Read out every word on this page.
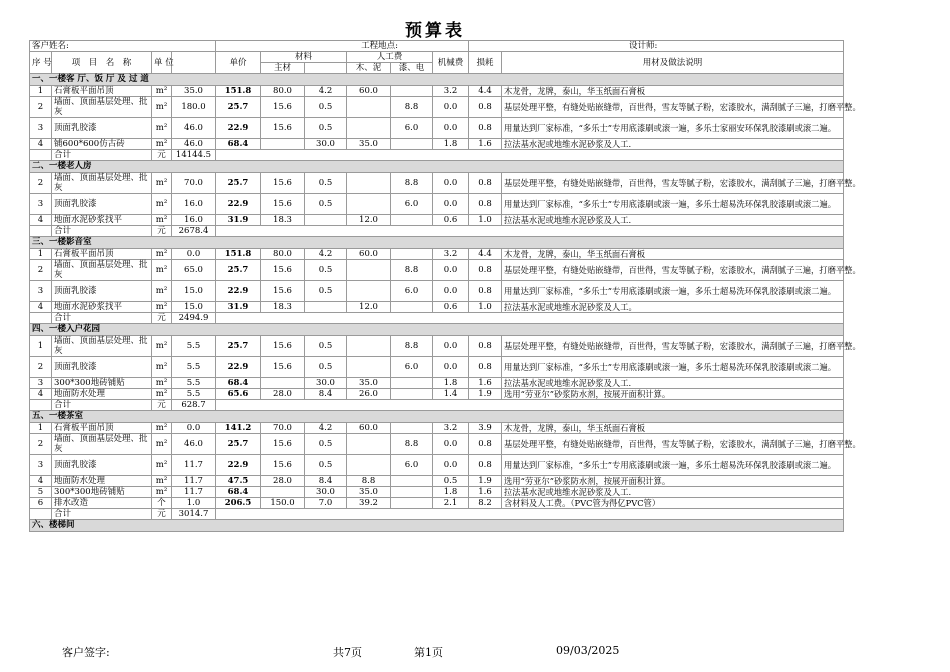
预算表
客户姓名:				工程地点:						设计师:	
序 号	项　目　名　称	单 位		单价	材料		人工费		机械费	损耗	用材及做法说明
					主材		木、泥	漆、电			
一、一楼客 厅、饭 厅 及 过 道											
1	石膏板平面吊顶	m²	35.0	151.8	80.0	4.2	60.0		3.2	4.4	木龙骨，龙牌，泰山，华玉纸面石膏板
2	墙面、顶面基层处理、批灰	m²	180.0	25.7	15.6	0.5		8.8	0.0	0.8	基层处理平整，有缝处贴嵌缝带，百世得，雪友等腻子粉，宏漆胶水，满刮腻子三遍，打磨平整。
3	顶面乳胶漆	m²	46.0	22.9	15.6	0.5		6.0	0.0	0.8	用量达到厂家标准，“多乐士”专用底漆刷或滚一遍，多乐士家丽安环保乳胶漆刷或滚二遍。
4	铺600*600仿古砖	m²	46.0	68.4		30.0	35.0		1.8	1.6	拉法基水泥或地维水泥砂浆及人工.
	合计	元	14144.5								
二、一楼老人房											
2	墙面、顶面基层处理、批灰	m²	70.0	25.7	15.6	0.5		8.8	0.0	0.8	基层处理平整，有缝处贴嵌缝带，百世得，雪友等腻子粉，宏漆胶水，满刮腻子三遍，打磨平整。
3	顶面乳胶漆	m²	16.0	22.9	15.6	0.5		6.0	0.0	0.8	用量达到厂家标准，“多乐士”专用底漆刷或滚一遍，多乐士超易洗环保乳胶漆刷或滚二遍。
4	地面水泥砂浆找平	m²	16.0	31.9	18.3		12.0		0.6	1.0	拉法基水泥或地维水泥砂浆及人工.
	合计	元	2678.4								
三、一楼影音室											
1	石膏板平面吊顶	m²	0.0	151.8	80.0	4.2	60.0		3.2	4.4	木龙骨，龙牌，泰山，华玉纸面石膏板
2	墙面、顶面基层处理、批灰	m²	65.0	25.7	15.6	0.5		8.8	0.0	0.8	基层处理平整，有缝处贴嵌缝带，百世得，雪友等腻子粉，宏漆胶水，满刮腻子三遍，打磨平整。
3	顶面乳胶漆	m²	15.0	22.9	15.6	0.5		6.0	0.0	0.8	用量达到厂家标准，“多乐士”专用底漆刷或滚一遍，多乐士超易洗环保乳胶漆刷或滚二遍。
4	地面水泥砂浆找平	m²	15.0	31.9	18.3		12.0		0.6	1.0	拉法基水泥或地维水泥砂浆及人工。
	合计	元	2494.9								
四、一楼入户花园											
1	墙面、顶面基层处理、批灰	m²	5.5	25.7	15.6	0.5		8.8	0.0	0.8	基层处理平整，有缝处贴嵌缝带，百世得，雪友等腻子粉，宏漆胶水，满刮腻子三遍，打磨平整。
2	顶面乳胶漆	m²	5.5	22.9	15.6	0.5		6.0	0.0	0.8	用量达到厂家标准，“多乐士”专用底漆刷或滚一遍，多乐士超易洗环保乳胶漆刷或滚二遍。
3	300*300地砖铺贴	m²	5.5	68.4		30.0	35.0		1.8	1.6	拉法基水泥或地维水泥砂浆及人工.
4	地面防水处理	m²	5.5	65.6	28.0	8.4	26.0		1.4	1.9	选用“劳亚尔”砂浆防水剂，按展开面积计算。
	合计	元	628.7								
五、一楼茶室											
1	石膏板平面吊顶	m²	0.0	141.2	70.0	4.2	60.0		3.2	3.9	木龙骨，龙牌，泰山，华玉纸面石膏板
2	墙面、顶面基层处理、批灰	m²	46.0	25.7	15.6	0.5		8.8	0.0	0.8	基层处理平整，有缝处贴嵌缝带，百世得，雪友等腻子粉，宏漆胶水，满刮腻子三遍，打磨平整。
3	顶面乳胶漆	m²	11.7	22.9	15.6	0.5		6.0	0.0	0.8	用量达到厂家标准，“多乐士”专用底漆刷或滚一遍，多乐士超易洗环保乳胶漆刷或滚二遍。
4	地面防水处理	m²	11.7	47.5	28.0	8.4	8.8		0.5	1.9	选用“劳亚尔”砂浆防水剂，按展开面积计算。
5	300*300地砖铺贴	m²	11.7	68.4		30.0	35.0		1.8	1.6	拉法基水泥或地维水泥砂浆及人工.
6	排水改造	个	1.0	206.5	150.0	7.0	39.2		2.1	8.2	含材料及人工费。（PVC管为得亿PVC管）
	合计	元	3014.7								
六、楼梯间											
客户签字:	共7页	第1页	09/03/2025
